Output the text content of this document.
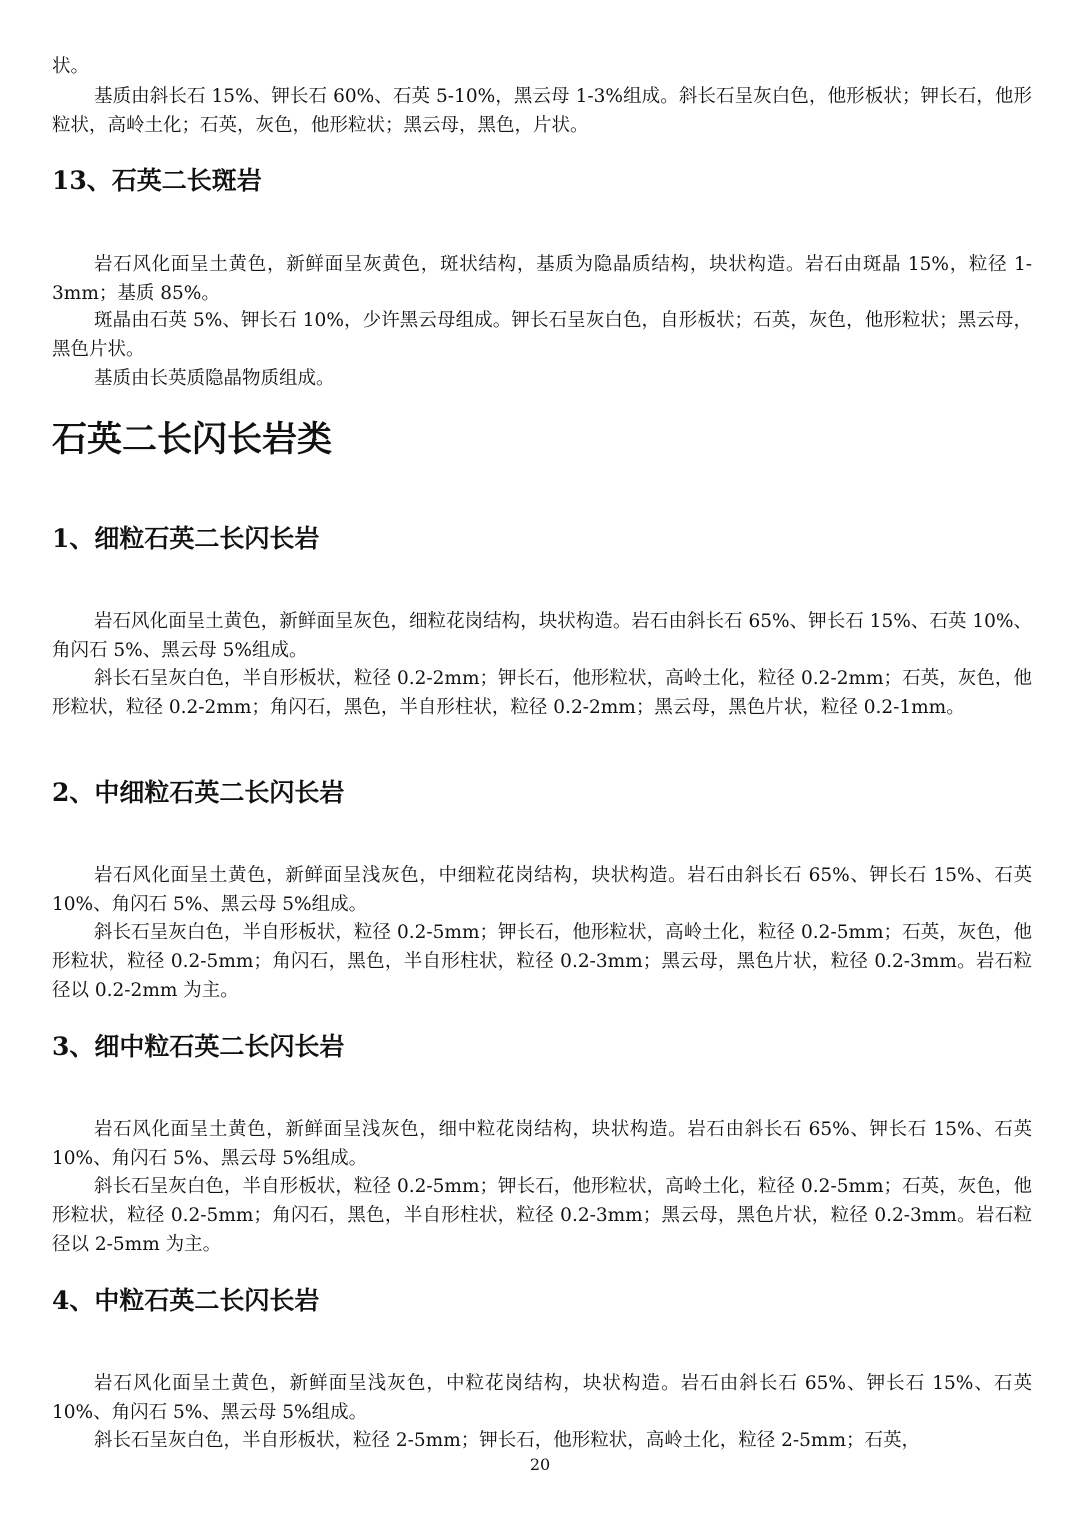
状。

基质由斜长石 15%、钾长石 60%、石英 5-10%，黑云母 1-3%组成。斜长石呈灰白色，他形板状；钾长石，他形粒状，高岭土化；石英，灰色，他形粒状；黑云母，黑色，片状。

13、石英二长斑岩

岩石风化面呈土黄色，新鲜面呈灰黄色，斑状结构，基质为隐晶质结构，块状构造。岩石由斑晶 15%，粒径 1-3mm；基质 85%。

斑晶由石英 5%、钾长石 10%，少许黑云母组成。钾长石呈灰白色，自形板状；石英，灰色，他形粒状；黑云母，黑色片状。

基质由长英质隐晶物质组成。

石英二长闪长岩类
1、细粒石英二长闪长岩

岩石风化面呈土黄色，新鲜面呈灰色，细粒花岗结构，块状构造。岩石由斜长石 65%、钾长石 15%、石英 10%、角闪石 5%、黑云母 5%组成。

斜长石呈灰白色，半自形板状，粒径 0.2-2mm；钾长石，他形粒状，高岭土化，粒径 0.2-2mm；石英，灰色，他形粒状，粒径 0.2-2mm；角闪石，黑色，半自形柱状，粒径 0.2-2mm；黑云母，黑色片状，粒径 0.2-1mm。

2、中细粒石英二长闪长岩

岩石风化面呈土黄色，新鲜面呈浅灰色，中细粒花岗结构，块状构造。岩石由斜长石 65%、钾长石 15%、石英 10%、角闪石 5%、黑云母 5%组成。

斜长石呈灰白色，半自形板状，粒径 0.2-5mm；钾长石，他形粒状，高岭土化，粒径 0.2-5mm；石英，灰色，他形粒状，粒径 0.2-5mm；角闪石，黑色，半自形柱状，粒径 0.2-3mm；黑云母，黑色片状，粒径 0.2-3mm。岩石粒径以 0.2-2mm 为主。

3、细中粒石英二长闪长岩

岩石风化面呈土黄色，新鲜面呈浅灰色，细中粒花岗结构，块状构造。岩石由斜长石 65%、钾长石 15%、石英 10%、角闪石 5%、黑云母 5%组成。

斜长石呈灰白色，半自形板状，粒径 0.2-5mm；钾长石，他形粒状，高岭土化，粒径 0.2-5mm；石英，灰色，他形粒状，粒径 0.2-5mm；角闪石，黑色，半自形柱状，粒径 0.2-3mm；黑云母，黑色片状，粒径 0.2-3mm。岩石粒径以 2-5mm 为主。

4、中粒石英二长闪长岩

岩石风化面呈土黄色，新鲜面呈浅灰色，中粒花岗结构，块状构造。岩石由斜长石 65%、钾长石 15%、石英 10%、角闪石 5%、黑云母 5%组成。

斜长石呈灰白色，半自形板状，粒径 2-5mm；钾长石，他形粒状，高岭土化，粒径 2-5mm；石英，

20
